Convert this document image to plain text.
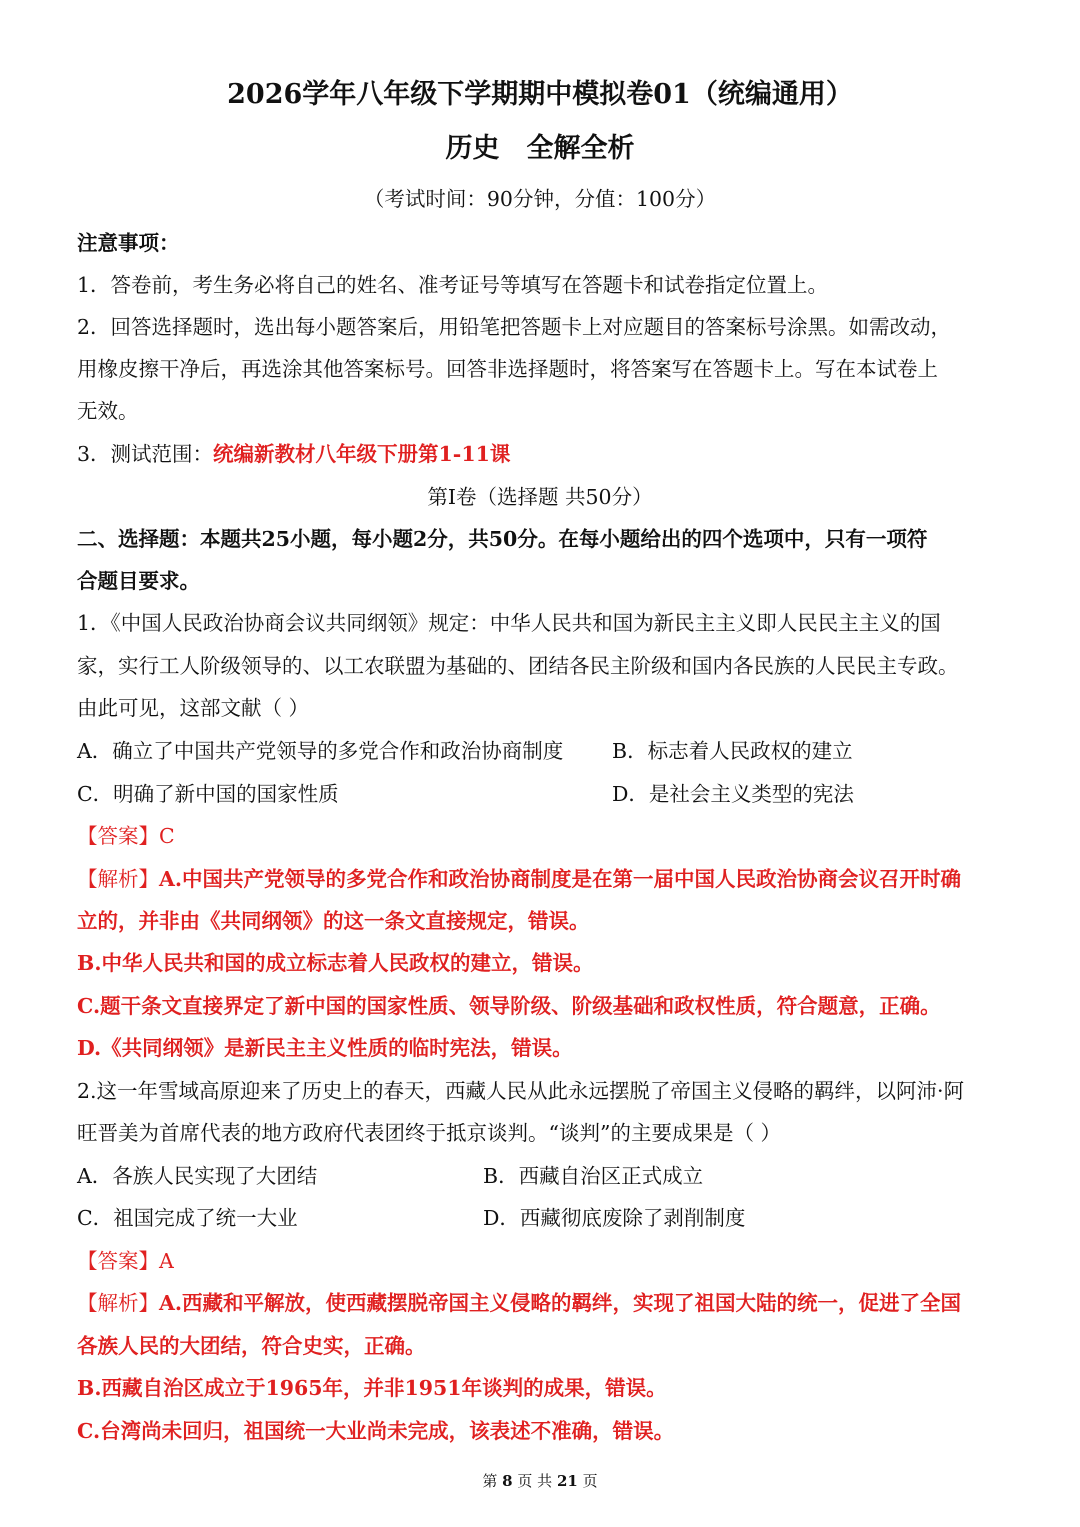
2026学年八年级下学期期中模拟卷01（统编通用）
历史　全解全析
（考试时间：90分钟，分值：100分）
注意事项：
1．答卷前，考生务必将自己的姓名、准考证号等填写在答题卡和试卷指定位置上。
2．回答选择题时，选出每小题答案后，用铅笔把答题卡上对应题目的答案标号涂黑。如需改动，
用橡皮擦干净后，再选涂其他答案标号。回答非选择题时，将答案写在答题卡上。写在本试卷上
无效。
3．测试范围：统编新教材八年级下册第1-11课
第Ⅰ卷（选择题 共50分）
二、选择题：本题共25小题，每小题2分，共50分。在每小题给出的四个选项中，只有一项符
合题目要求。
1．《中国人民政治协商会议共同纲领》规定：中华人民共和国为新民主主义即人民民主主义的国
家，实行工人阶级领导的、以工农联盟为基础的、团结各民主阶级和国内各民族的人民民主专政。
由此可见，这部文献（ ）
A．确立了中国共产党领导的多党合作和政治协商制度 B．标志着人民政权的建立
C．明确了新中国的国家性质	D．是社会主义类型的宪法
【答案】C
【解析】A.中国共产党领导的多党合作和政治协商制度是在第一届中国人民政治协商会议召开时确
立的，并非由《共同纲领》的这一条文直接规定，错误。
B.中华人民共和国的成立标志着人民政权的建立，错误。
C.题干条文直接界定了新中国的国家性质、领导阶级、阶级基础和政权性质，符合题意，正确。
D.《共同纲领》是新民主主义性质的临时宪法，错误。
2.这一年雪域高原迎来了历史上的春天，西藏人民从此永远摆脱了帝国主义侵略的羁绊，以阿沛·阿
旺晋美为首席代表的地方政府代表团终于抵京谈判。“谈判”的主要成果是（ ）
A．各族人民实现了大团结	B．西藏自治区正式成立
C．祖国完成了统一大业	D．西藏彻底废除了剥削制度
【答案】A
【解析】A.西藏和平解放，使西藏摆脱帝国主义侵略的羁绊，实现了祖国大陆的统一，促进了全国
各族人民的大团结，符合史实，正确。
B.西藏自治区成立于1965年，并非1951年谈判的成果，错误。
C.台湾尚未回归，祖国统一大业尚未完成，该表述不准确，错误。
第 8 页 共 21 页
